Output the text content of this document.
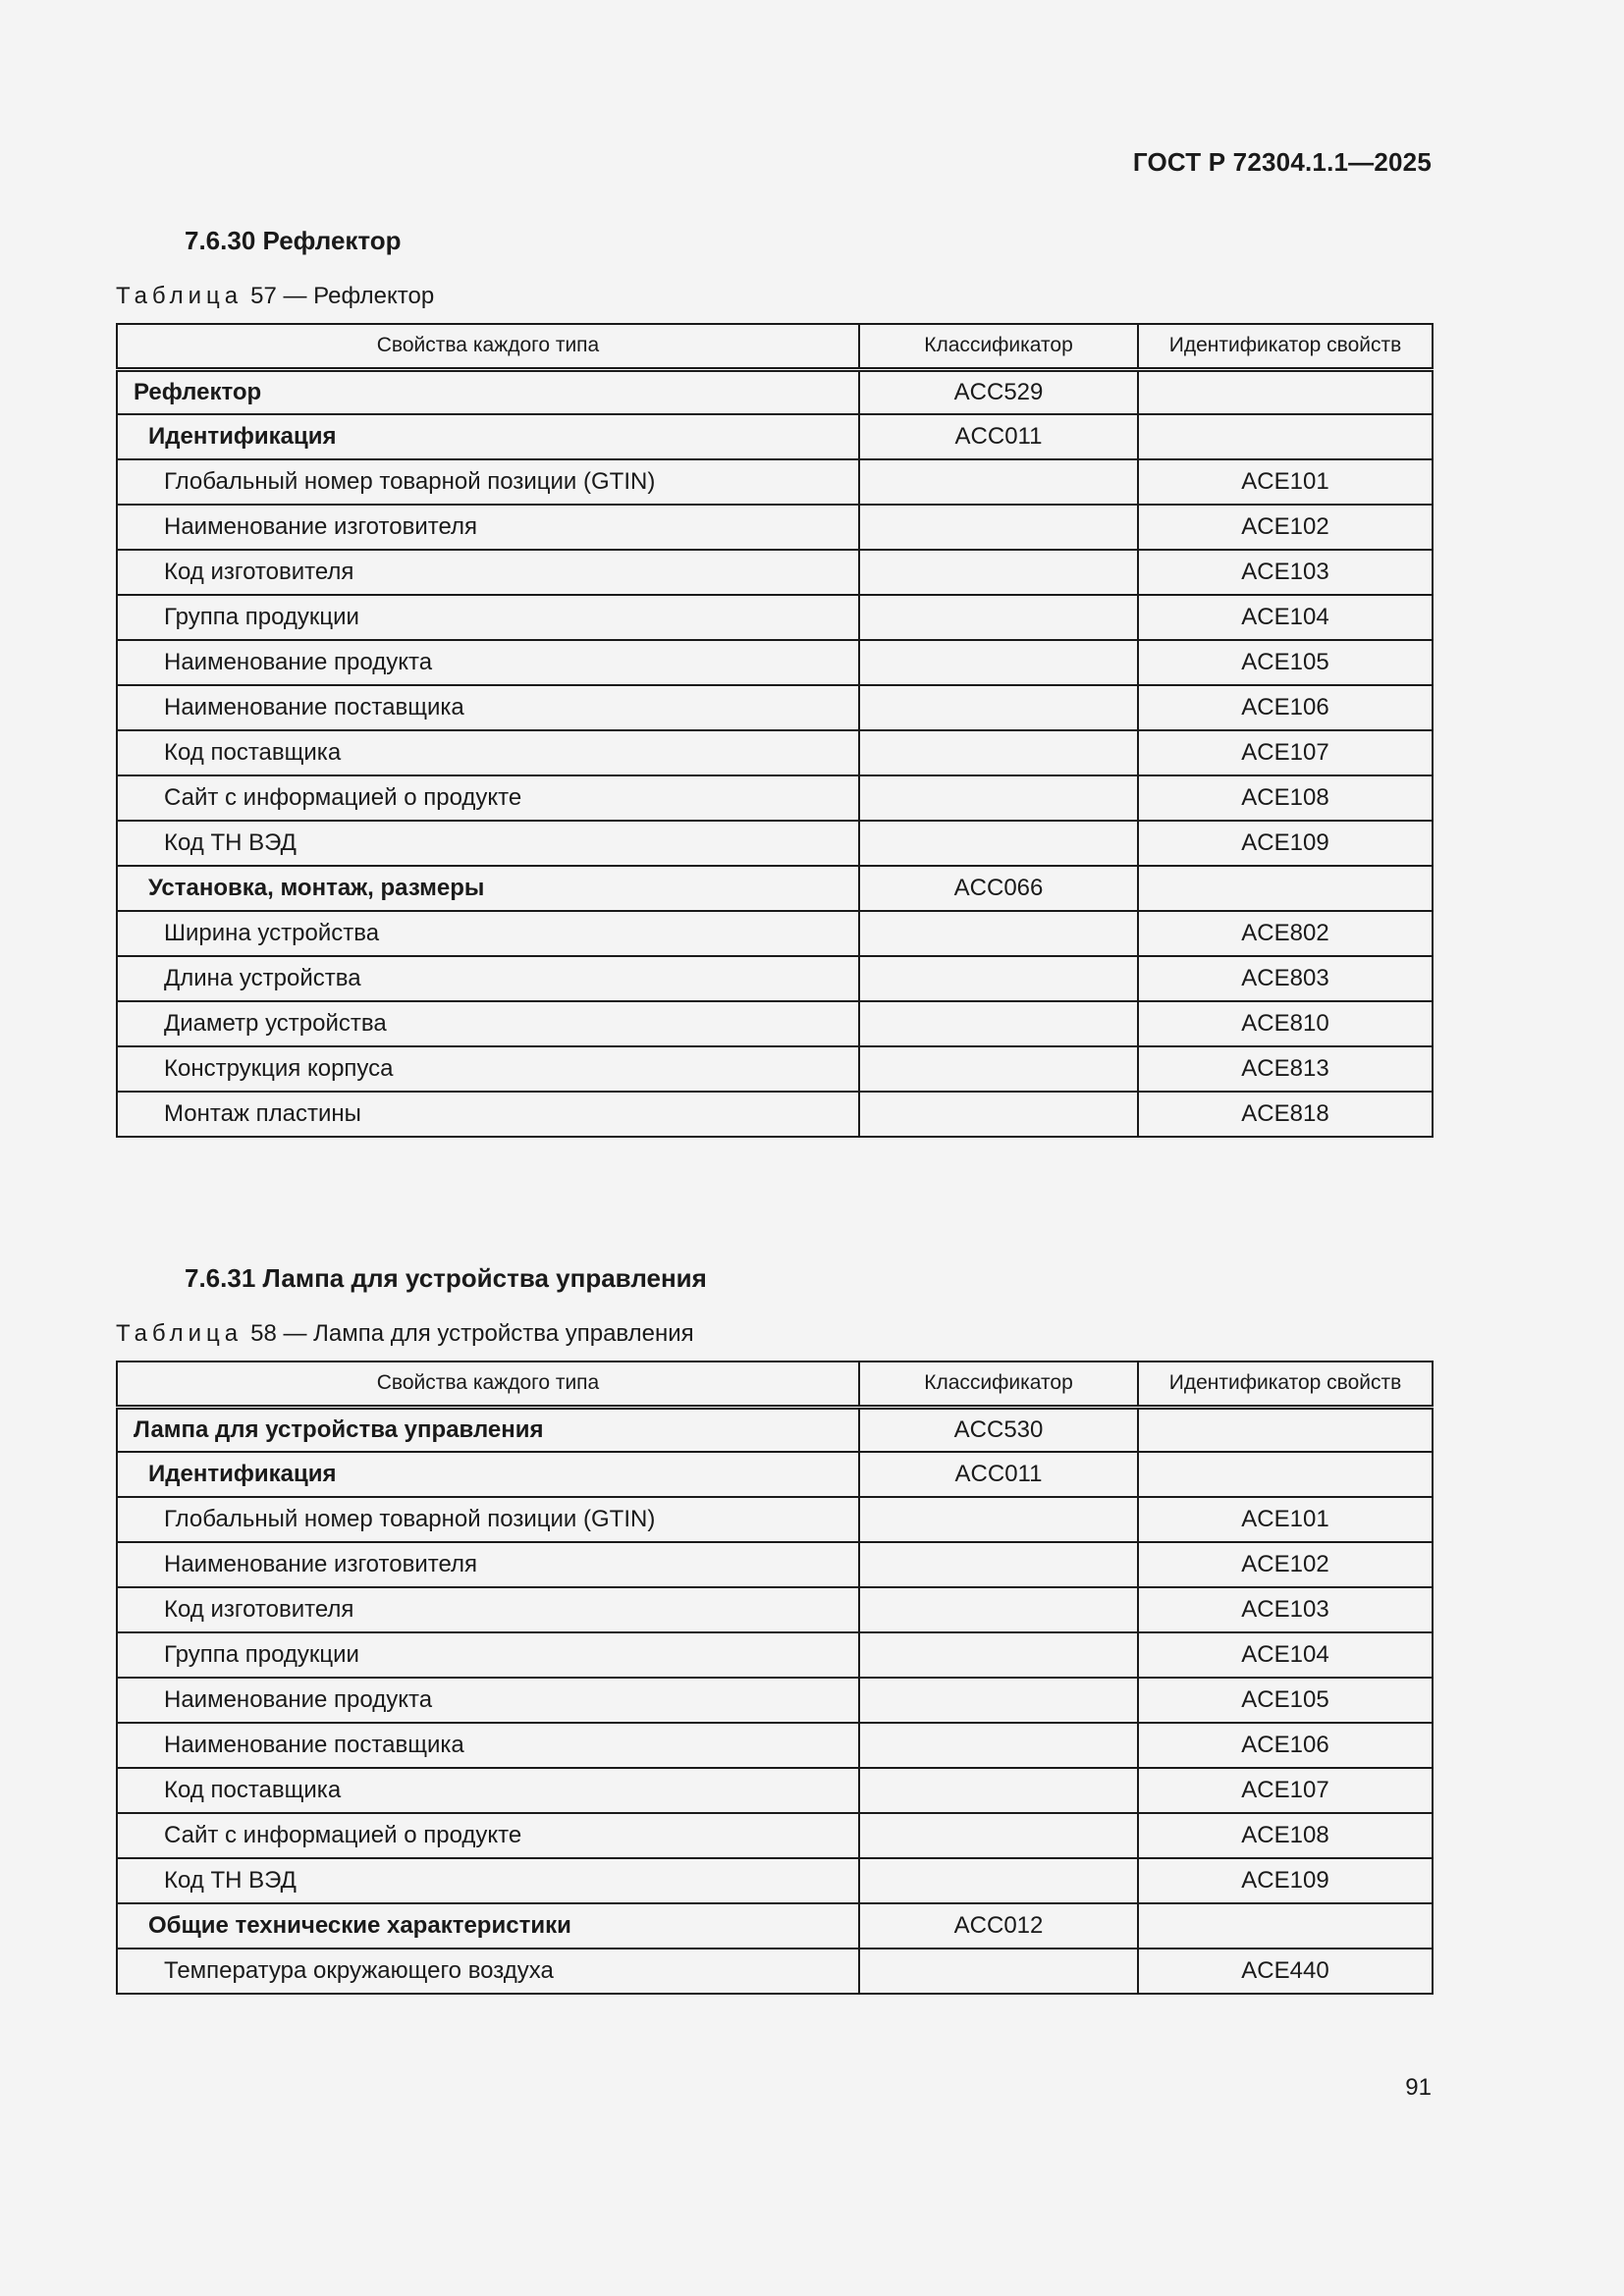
ГОСТ Р 72304.1.1—2025
7.6.30 Рефлектор
Таблица 57 — Рефлектор
Свойства каждого типа	Классификатор	Идентификатор свойств
Рефлектор	ACC529	
Идентификация	ACC011	
Глобальный номер товарной позиции (GTIN)		ACE101
Наименование изготовителя		ACE102
Код изготовителя		ACE103
Группа продукции		ACE104
Наименование продукта		ACE105
Наименование поставщика		ACE106
Код поставщика		ACE107
Сайт с информацией о продукте		ACE108
Код ТН ВЭД		ACE109
Установка, монтаж, размеры	ACC066	
Ширина устройства		ACE802
Длина устройства		ACE803
Диаметр устройства		ACE810
Конструкция корпуса		ACE813
Монтаж пластины		ACE818
7.6.31 Лампа для устройства управления
Таблица 58 — Лампа для устройства управления
Свойства каждого типа	Классификатор	Идентификатор свойств
Лампа для устройства управления	ACC530	
Идентификация	ACC011	
Глобальный номер товарной позиции (GTIN)		ACE101
Наименование изготовителя		ACE102
Код изготовителя		ACE103
Группа продукции		ACE104
Наименование продукта		ACE105
Наименование поставщика		ACE106
Код поставщика		ACE107
Сайт с информацией о продукте		ACE108
Код ТН ВЭД		ACE109
Общие технические характеристики	ACC012	
Температура окружающего воздуха		ACE440
91
